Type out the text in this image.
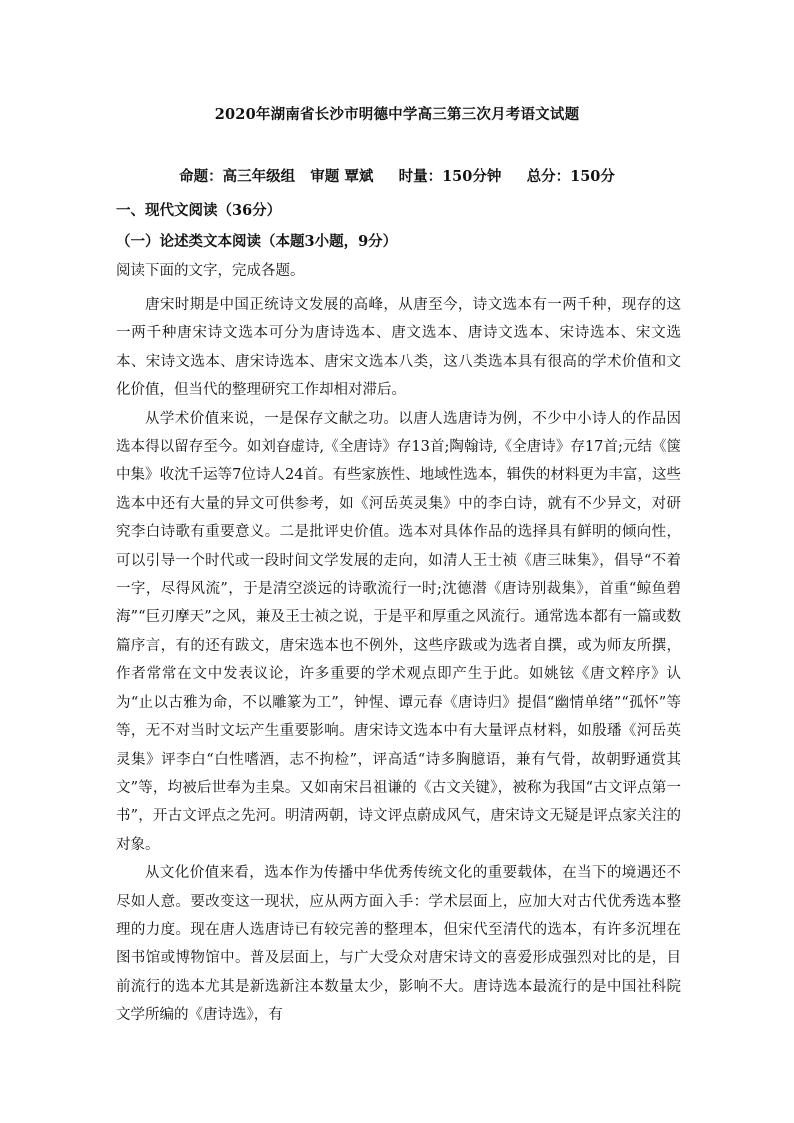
2020年湖南省长沙市明德中学高三第三次月考语文试题
命题：高三年级组 审题 覃斌 时量：150分钟 总分：150分
一、现代文阅读（36分）
（一）论述类文本阅读（本题3小题，9分）
阅读下面的文字，完成各题。

唐宋时期是中国正统诗文发展的高峰，从唐至今，诗文选本有一两千种，现存的这一两千种唐宋诗文选本可分为唐诗选本、唐文选本、唐诗文选本、宋诗选本、宋文选本、宋诗文选本、唐宋诗选本、唐宋文选本八类，这八类选本具有很高的学术价值和文化价值，但当代的整理研究工作却相对滞后。

从学术价值来说，一是保存文献之功。以唐人选唐诗为例，不少中小诗人的作品因选本得以留存至今。如刘昚虚诗,《全唐诗》存13首;陶翰诗,《全唐诗》存17首;元结《箧中集》收沈千运等7位诗人24首。有些家族性、地域性选本，辑佚的材料更为丰富，这些选本中还有大量的异文可供参考，如《河岳英灵集》中的李白诗，就有不少异文，对研究李白诗歌有重要意义。二是批评史价值。选本对具体作品的选择具有鲜明的倾向性，可以引导一个时代或一段时间文学发展的走向，如清人王士祯《唐三昧集》，倡导“不着一字，尽得风流”，于是清空淡远的诗歌流行一时;沈德潜《唐诗别裁集》，首重“鲸鱼碧海”“巨刃摩天”之风，兼及王士祯之说，于是平和厚重之风流行。通常选本都有一篇或数篇序言，有的还有跋文，唐宋选本也不例外，这些序跋或为选者自撰，或为师友所撰，作者常常在文中发表议论，许多重要的学术观点即产生于此。如姚铉《唐文粹序》认为“止以古雅为命，不以雕篆为工”，钟惺、谭元春《唐诗归》提倡“幽情单绪”“孤怀”等等，无不对当时文坛产生重要影响。唐宋诗文选本中有大量评点材料，如殷璠《河岳英灵集》评李白“白性嗜酒，志不拘检”，评高适“诗多胸臆语，兼有气骨，故朝野通赏其文”等，均被后世奉为圭臬。又如南宋吕祖谦的《古文关键》，被称为我国“古文评点第一书”，开古文评点之先河。明清两朝，诗文评点蔚成风气，唐宋诗文无疑是评点家关注的对象。

从文化价值来看，选本作为传播中华优秀传统文化的重要载体，在当下的境遇还不尽如人意。要改变这一现状，应从两方面入手：学术层面上，应加大对古代优秀选本整理的力度。现在唐人选唐诗已有较完善的整理本，但宋代至清代的选本，有许多沉埋在图书馆或博物馆中。普及层面上，与广大受众对唐宋诗文的喜爱形成强烈对比的是，目前流行的选本尤其是新选新注本数量太少，影响不大。唐诗选本最流行的是中国社科院文学所编的《唐诗选》，有
